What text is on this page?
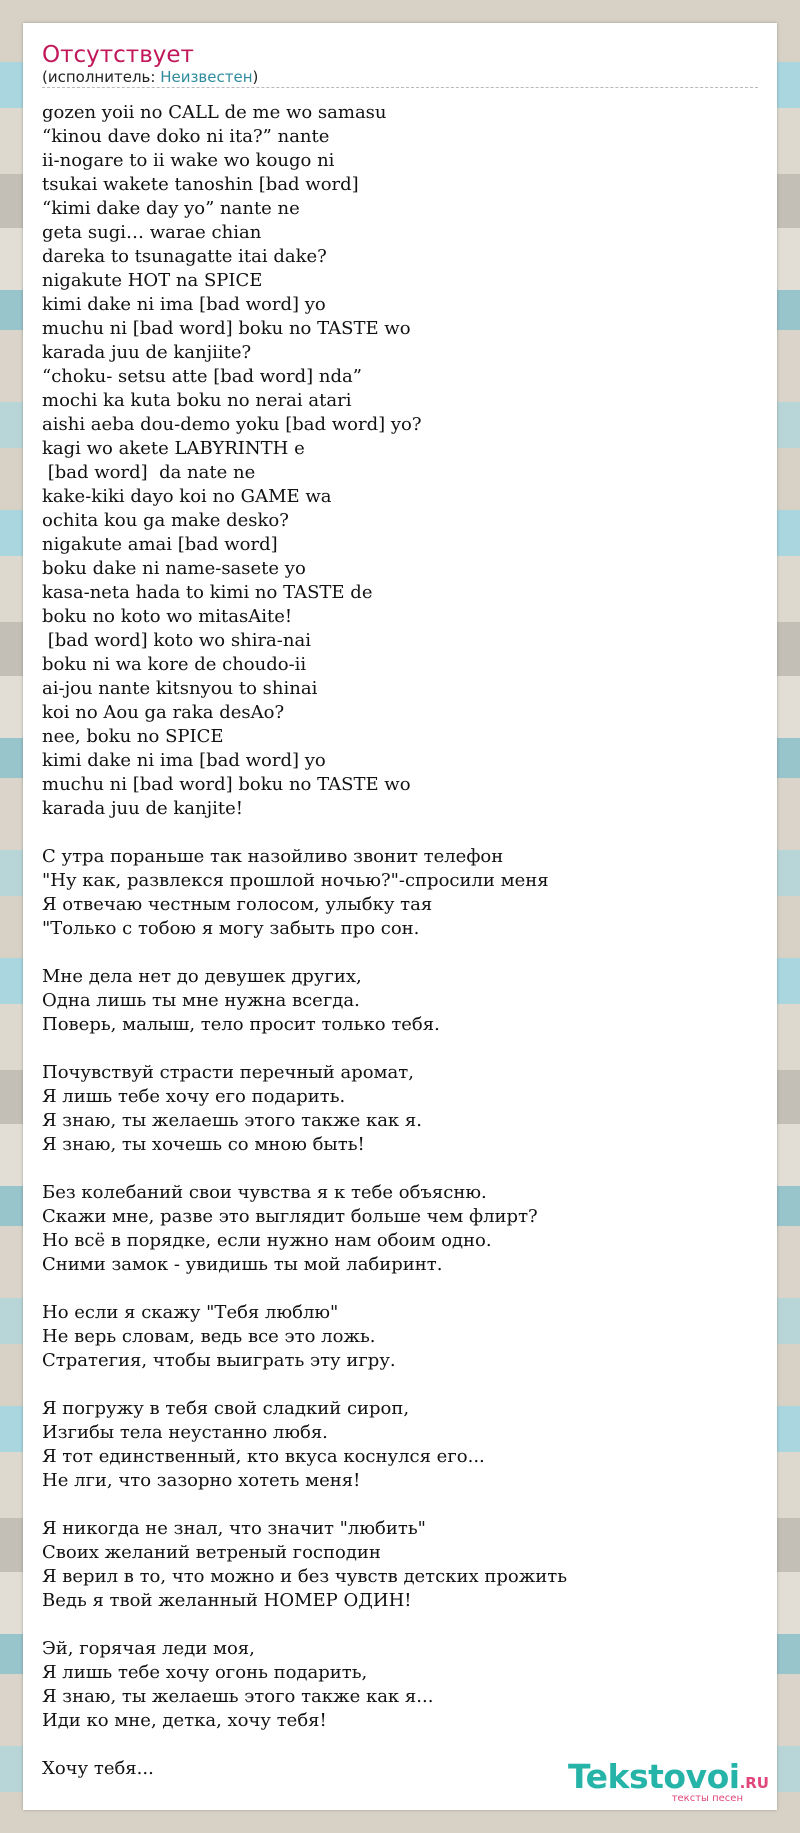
Отсутствует
(исполнитель: Неизвестен)
gozen yoii no CALL de me wo samasu
“kinou dave doko ni ita?” nante
ii-nogare to ii wake wo kougo ni
tsukai wakete tanoshin [bad word]
“kimi dake day yo” nante ne
geta sugi… warae chian
dareka to tsunagatte itai dake?
nigakute HOT na SPICE
kimi dake ni ima [bad word] yo
muchu ni [bad word] boku no TASTE wo
karada juu de kanjiite?
“choku- setsu atte [bad word] nda”
mochi ka kuta boku no nerai atari
aishi aeba dou-demo yoku [bad word] yo?
kagi wo akete LABYRINTH e
[bad word]  da nate ne
kake-kiki dayo koi no GAME wa
ochita kou ga make desko?
nigakute amai [bad word]
boku dake ni name-sasete yo
kasa-neta hada to kimi no TASTE de
boku no koto wo mitasAite!
[bad word] koto wo shira-nai
boku ni wa kore de choudo-ii
ai-jou nante kitsnyou to shinai
koi no Aou ga raka desAo?
nee, boku no SPICE
kimi dake ni ima [bad word] yo
muchu ni [bad word] boku no TASTE wo
karada juu de kanjite!

С утра пораньше так назойливо звонит телефон
"Ну как, развлекся прошлой ночью?"-спросили меня
Я отвечаю честным голосом, улыбку тая
"Только с тобою я могу забыть про сон.

Мне дела нет до девушек других,
Одна лишь ты мне нужна всегда.
Поверь, малыш, тело просит только тебя.

Почувствуй страсти перечный аромат,
Я лишь тебе хочу его подарить.
Я знаю, ты желаешь этого также как я.
Я знаю, ты хочешь со мною быть!

Без колебаний свои чувства я к тебе объясню.
Скажи мне, разве это выглядит больше чем флирт?
Но всё в порядке, если нужно нам обоим одно.
Сними замок - увидишь ты мой лабиринт.

Но если я скажу "Тебя люблю"
Не верь словам, ведь все это ложь.
Стратегия, чтобы выиграть эту игру.

Я погружу в тебя свой сладкий сироп,
Изгибы тела неустанно любя.
Я тот единственный, кто вкуса коснулся его...
Не лги, что зазорно хотеть меня!

Я никогда не знал, что значит "любить"
Своих желаний ветреный господин
Я верил в то, что можно и без чувств детских прожить
Ведь я твой желанный НОМЕР ОДИН!

Эй, горячая леди моя,
Я лишь тебе хочу огонь подарить,
Я знаю, ты желаешь этого также как я...
Иди ко мне, детка, хочу тебя!

Хочу тебя...	Tekstovoi.RU
тексты песен
